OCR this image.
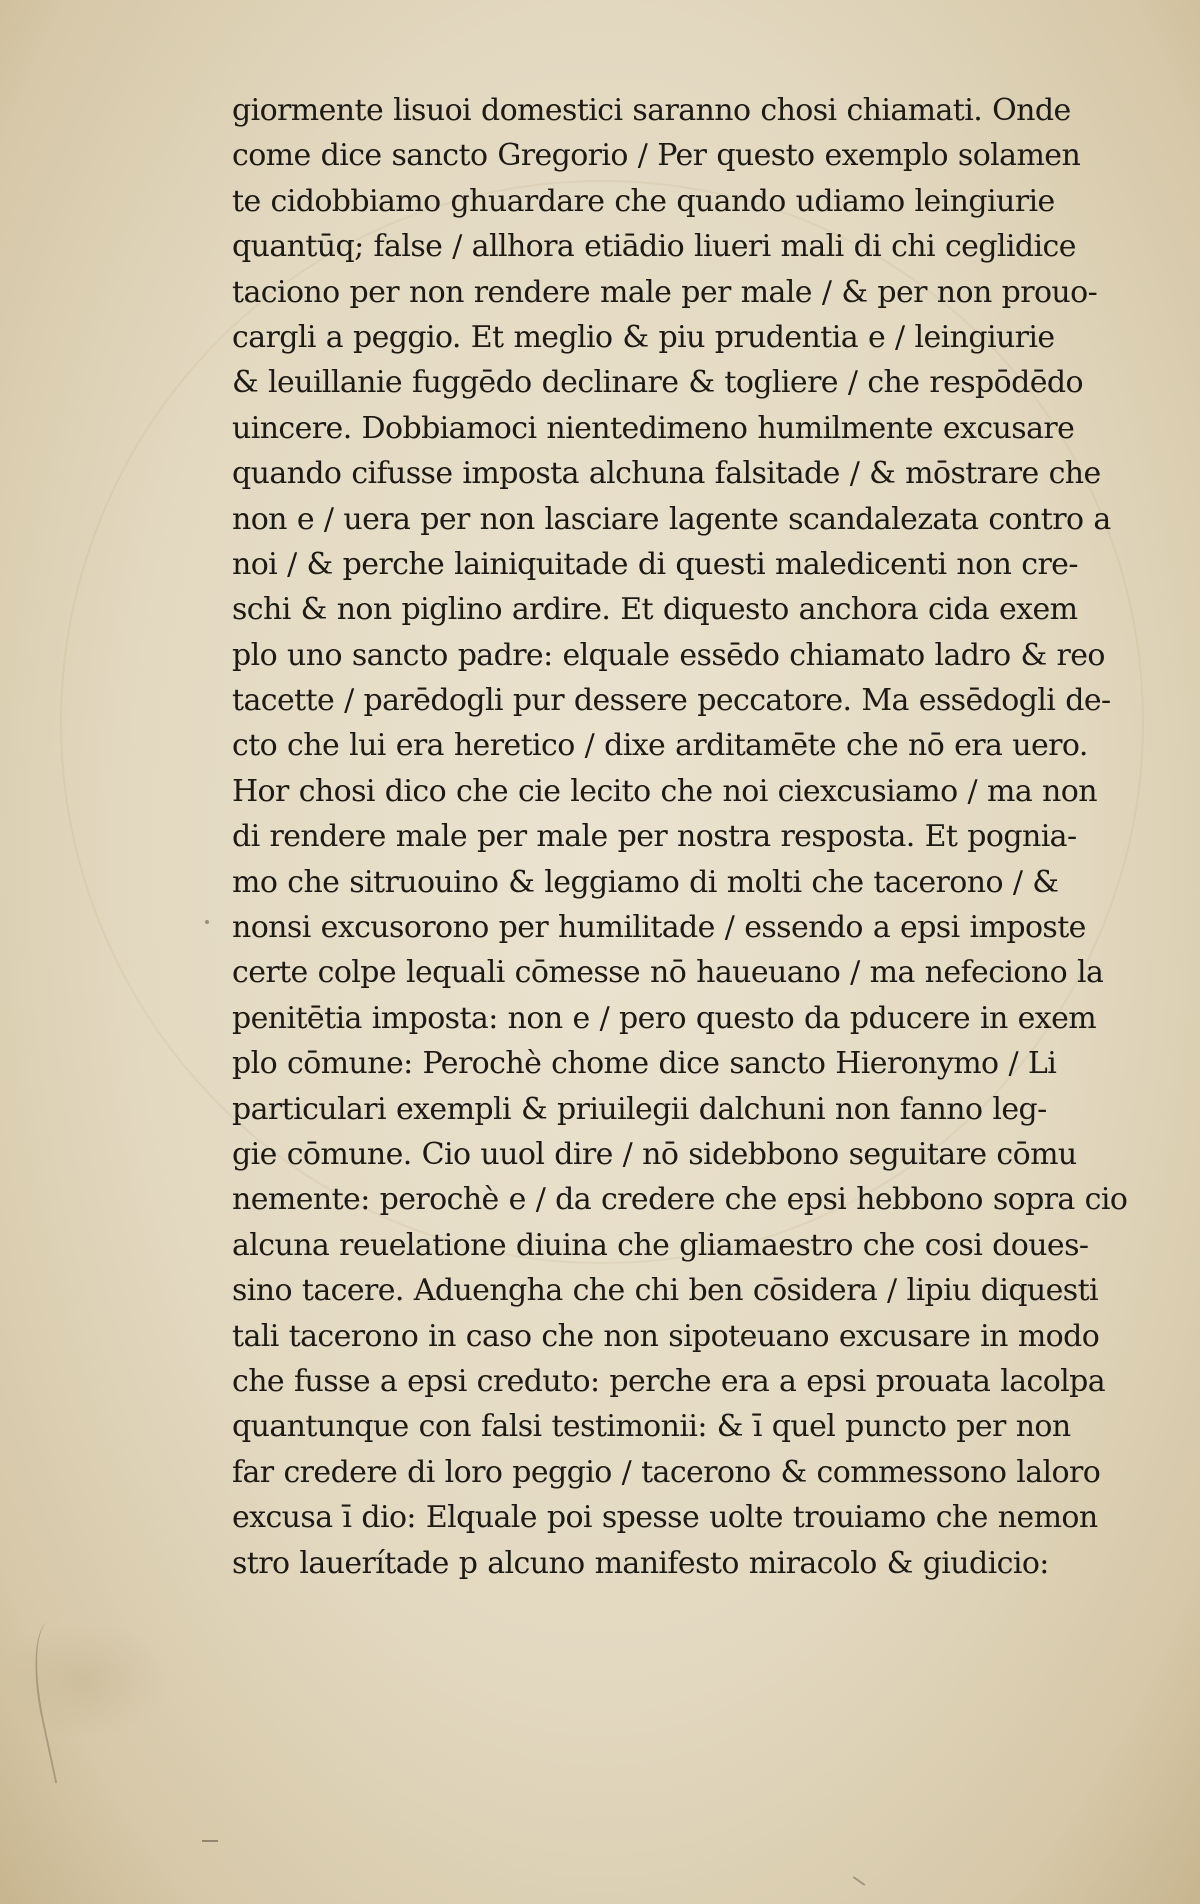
giormente lisuoi domestici saranno chosi chiamati. Onde
come dice sancto Gregorio / Per questo exemplo solamen
te cidobbiamo ghuardare che quando udiamo leingiurie
quantūq; false / allhora etiādio liueri mali di chi ceglidice
taciono per non rendere male per male / & per non prouo-
cargli a peggio. Et meglio & piu prudentia e / leingiurie
& leuillanie fuggēdo declinare & togliere / che respōdēdo
uincere. Dobbiamoci nientedimeno humilmente excusare
quando cifusse imposta alchuna falsitade / & mōstrare che
non e / uera per non lasciare lagente scandalezata contro a
noi / & perche lainiquitade di questi maledicenti non cre-
schi & non piglino ardire. Et diquesto anchora cida exem
plo uno sancto padre: elquale essēdo chiamato ladro & reo
tacette / parēdogli pur dessere peccatore. Ma essēdogli de-
cto che lui era heretico / dixe arditamēte che nō era uero.
Hor chosi dico che cie lecito che noi ciexcusiamo / ma non
di rendere male per male per nostra resposta. Et pognia-
mo che sitruouino & leggiamo di molti che tacerono / &
nonsi excusorono per humilitade / essendo a epsi imposte
certe colpe lequali cōmesse nō haueuano / ma nefeciono la
penitētia imposta: non e / pero questo da pducere in exem
plo cōmune: Perochè chome dice sancto Hieronymo / Li
particulari exempli & priuilegii dalchuni non fanno leg-
gie cōmune. Cio uuol dire / nō sidebbono seguitare cōmu
nemente: perochè e / da credere che epsi hebbono sopra cio
alcuna reuelatione diuina che gliamaestro che cosi doues-
sino tacere. Aduengha che chi ben cōsidera / lipiu diquesti
tali tacerono in caso che non sipoteuano excusare in modo
che fusse a epsi creduto: perche era a epsi prouata lacolpa
quantunque con falsi testimonii: & ī quel puncto per non
far credere di loro peggio / tacerono & commessono laloro
excusa ī dio: Elquale poi spesse uolte trouiamo che nemon
stro lauerítade p alcuno manifesto miracolo & giudicio:
